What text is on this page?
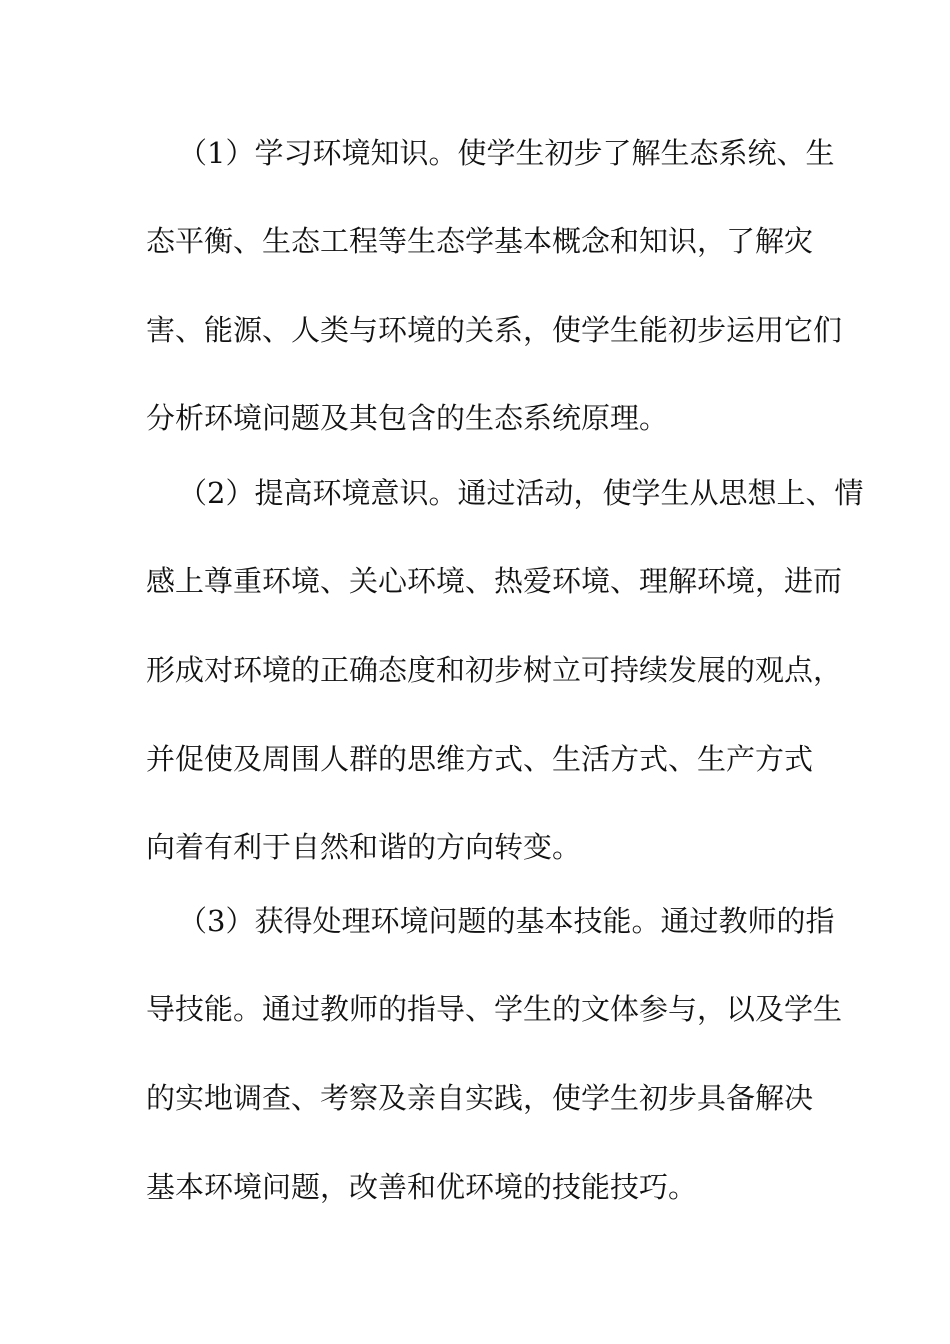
（1）学习环境知识。使学生初步了解生态系统、生
态平衡、生态工程等生态学基本概念和知识，了解灾
害、能源、人类与环境的关系，使学生能初步运用它们
分析环境问题及其包含的生态系统原理。
（2）提高环境意识。通过活动，使学生从思想上、情
感上尊重环境、关心环境、热爱环境、理解环境，进而
形成对环境的正确态度和初步树立可持续发展的观点，
并促使及周围人群的思维方式、生活方式、生产方式
向着有利于自然和谐的方向转变。
（3）获得处理环境问题的基本技能。通过教师的指
导技能。通过教师的指导、学生的文体参与，以及学生
的实地调查、考察及亲自实践，使学生初步具备解决
基本环境问题，改善和优环境的技能技巧。
